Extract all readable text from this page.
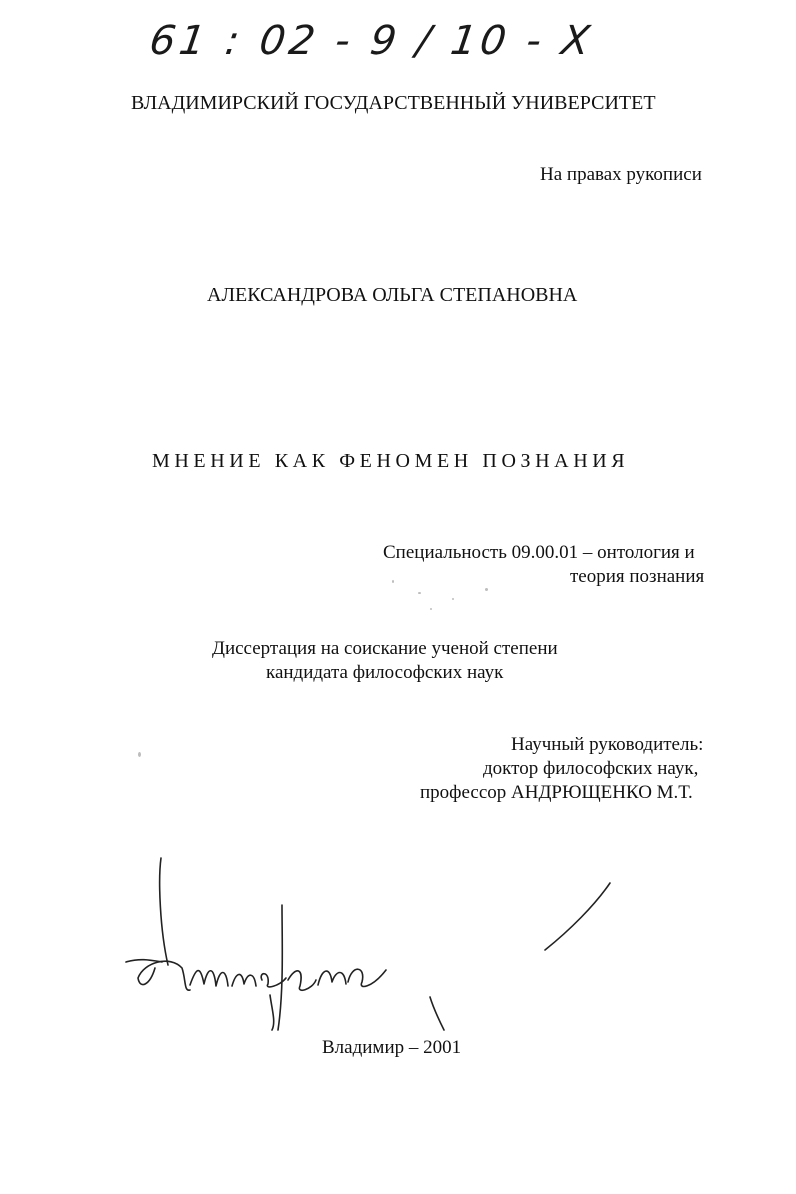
61 : 02 - 9 / 10 - X
ВЛАДИМИРСКИЙ ГОСУДАРСТВЕННЫЙ УНИВЕРСИТЕТ
На правах рукописи
АЛЕКСАНДРОВА ОЛЬГА СТЕПАНОВНА
МНЕНИЕ КАК ФЕНОМЕН ПОЗНАНИЯ
Специальность 09.00.01 – онтология и
теория познания
Диссертация на соискание ученой степени
кандидата философских наук
Научный руководитель:
доктор философских наук,
профессор АНДРЮЩЕНКО М.Т.
Владимир – 2001
